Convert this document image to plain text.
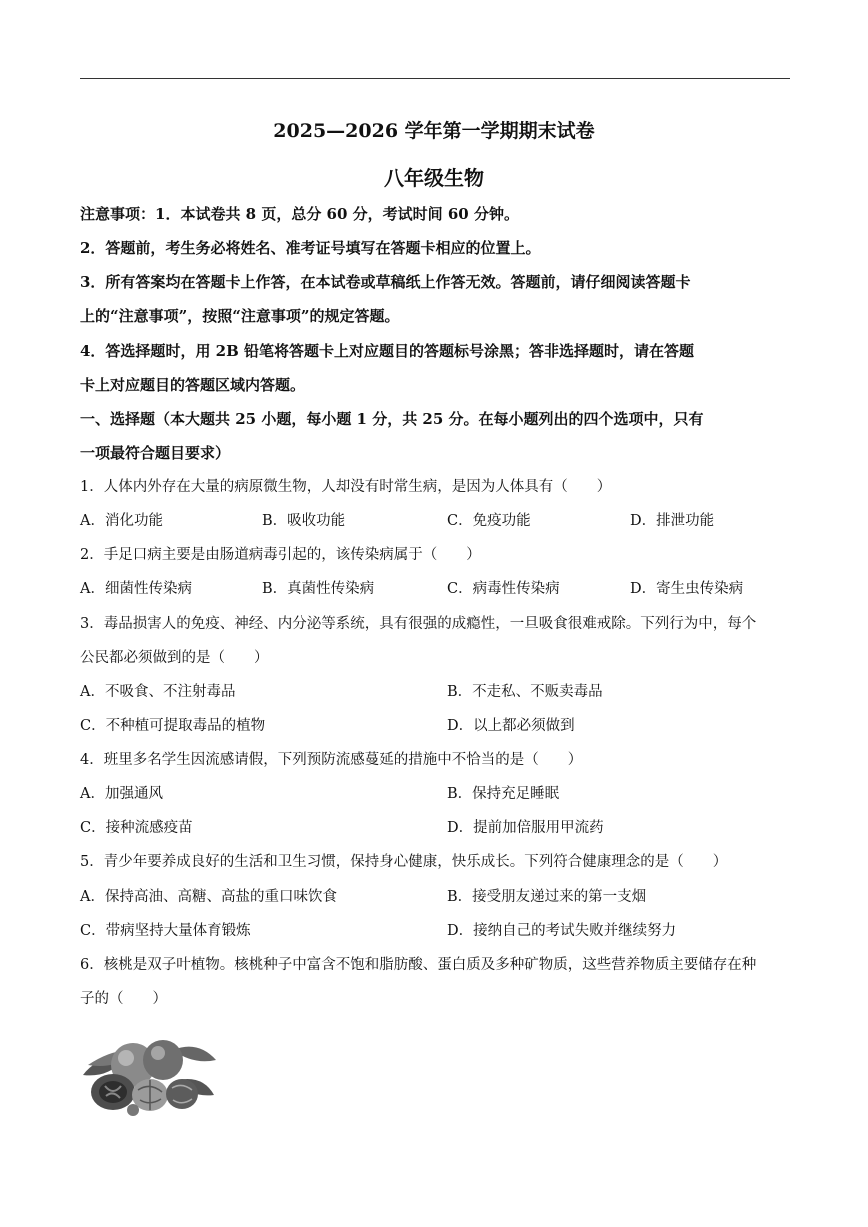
2025—2026 学年第一学期期末试卷
八年级生物
注意事项：1．本试卷共 8 页，总分 60 分，考试时间 60 分钟。
2．答题前，考生务必将姓名、准考证号填写在答题卡相应的位置上。
3．所有答案均在答题卡上作答，在本试卷或草稿纸上作答无效。答题前，请仔细阅读答题卡
上的“注意事项”，按照“注意事项”的规定答题。
4．答选择题时，用 2B 铅笔将答题卡上对应题目的答题标号涂黑；答非选择题时，请在答题
卡上对应题目的答题区域内答题。
一、选择题（本大题共 25 小题，每小题 1 分，共 25 分。在每小题列出的四个选项中，只有
一项最符合题目要求）
1．人体内外存在大量的病原微生物，人却没有时常生病，是因为人体具有（　　）
A．消化功能	B．吸收功能	C．免疫功能	D．排泄功能
2．手足口病主要是由肠道病毒引起的，该传染病属于（　　）
A．细菌性传染病	B．真菌性传染病	C．病毒性传染病	D．寄生虫传染病
3．毒品损害人的免疫、神经、内分泌等系统，具有很强的成瘾性，一旦吸食很难戒除。下列行为中，每个
公民都必须做到的是（　　）
A．不吸食、不注射毒品	B．不走私、不贩卖毒品
C．不种植可提取毒品的植物	D．以上都必须做到
4．班里多名学生因流感请假，下列预防流感蔓延的措施中不恰当的是（　　）
A．加强通风	B．保持充足睡眠
C．接种流感疫苗	D．提前加倍服用甲流药
5．青少年要养成良好的生活和卫生习惯，保持身心健康，快乐成长。下列符合健康理念的是（　　）
A．保持高油、高糖、高盐的重口味饮食	B．接受朋友递过来的第一支烟
C．带病坚持大量体育锻炼	D．接纳自己的考试失败并继续努力
6．核桃是双子叶植物。核桃种子中富含不饱和脂肪酸、蛋白质及多种矿物质，这些营养物质主要储存在种
子的（　　）
